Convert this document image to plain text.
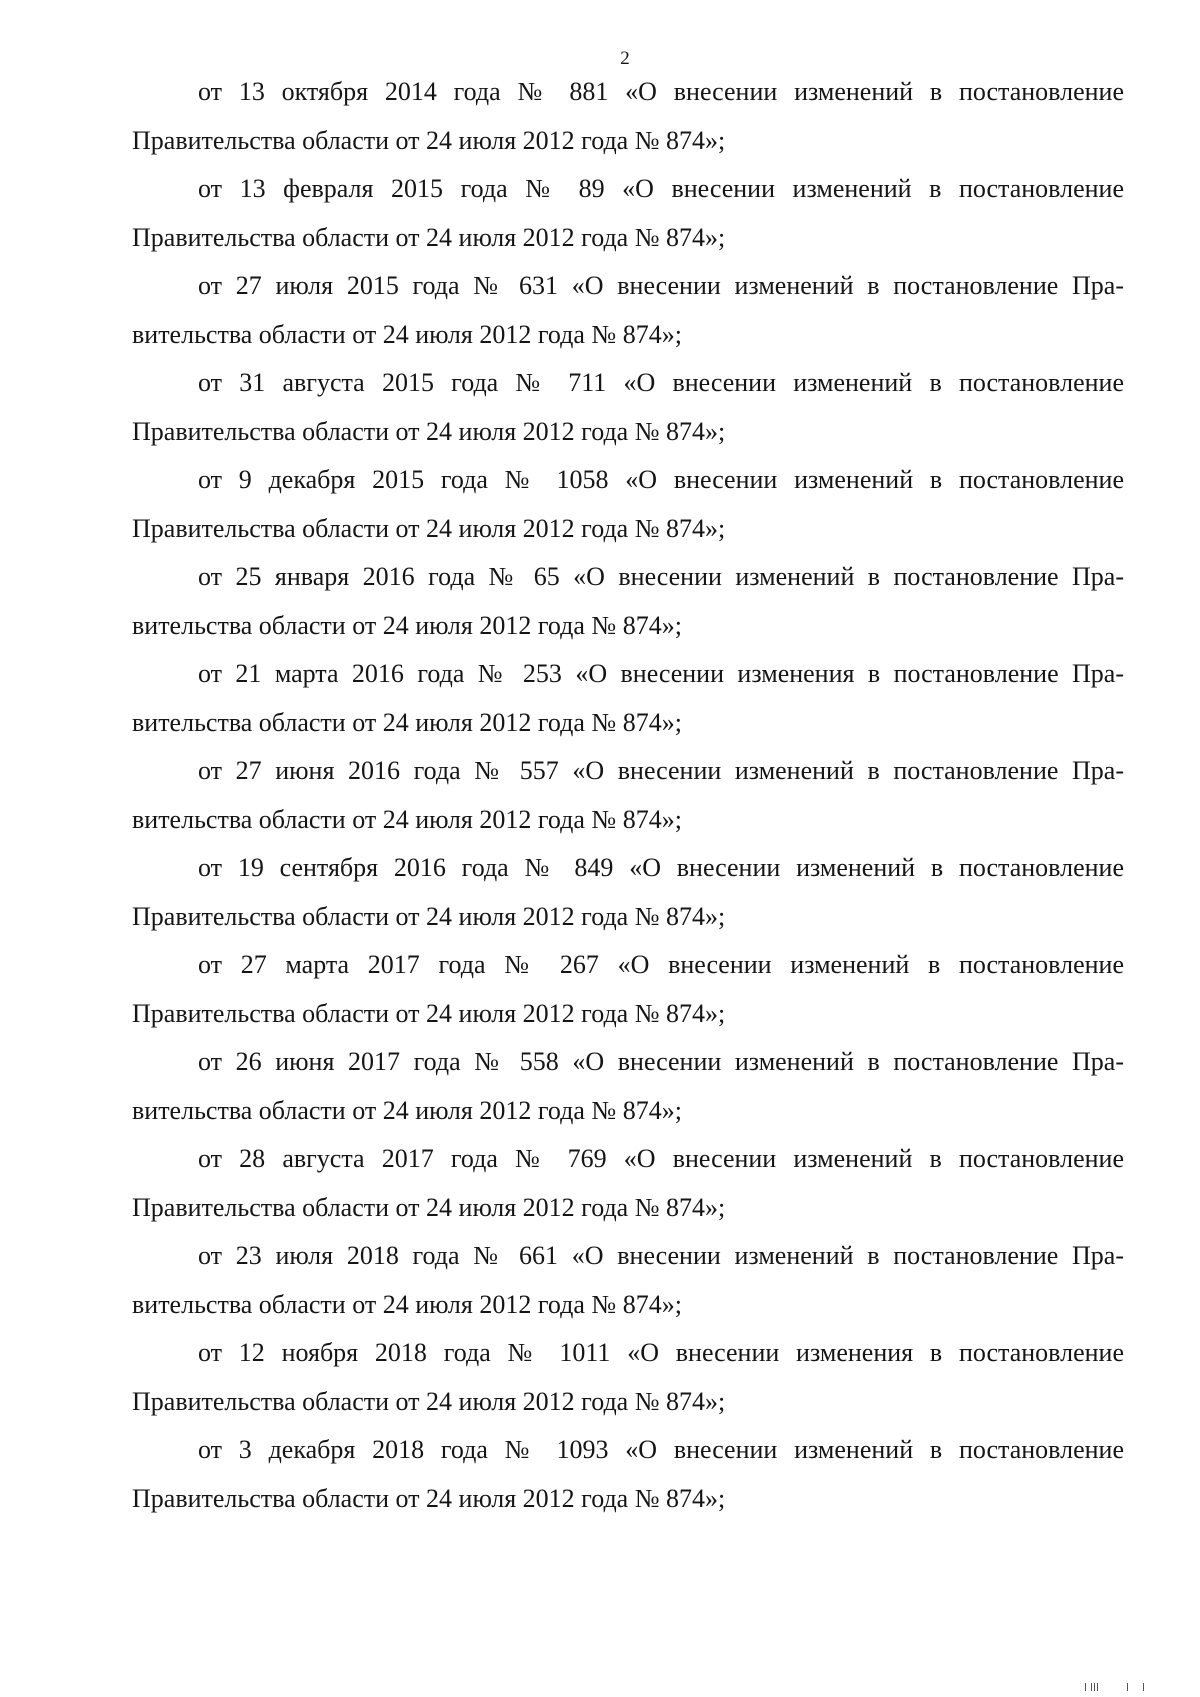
2
от 13 октября 2014 года № 881 «О внесении изменений в постановление
Правительства области от 24 июля 2012 года № 874»;
от 13 февраля 2015 года № 89 «О внесении изменений в постановление
Правительства области от 24 июля 2012 года № 874»;
от 27 июля 2015 года № 631 «О внесении изменений в постановление Пра-
вительства области от 24 июля 2012 года № 874»;
от 31 августа 2015 года № 711 «О внесении изменений в постановление
Правительства области от 24 июля 2012 года № 874»;
от 9 декабря 2015 года № 1058 «О внесении изменений в постановление
Правительства области от 24 июля 2012 года № 874»;
от 25 января 2016 года № 65 «О внесении изменений в постановление Пра-
вительства области от 24 июля 2012 года № 874»;
от 21 марта 2016 года № 253 «О внесении изменения в постановление Пра-
вительства области от 24 июля 2012 года № 874»;
от 27 июня 2016 года № 557 «О внесении изменений в постановление Пра-
вительства области от 24 июля 2012 года № 874»;
от 19 сентября 2016 года № 849 «О внесении изменений в постановление
Правительства области от 24 июля 2012 года № 874»;
от 27 марта 2017 года № 267 «О внесении изменений в постановление
Правительства области от 24 июля 2012 года № 874»;
от 26 июня 2017 года № 558 «О внесении изменений в постановление Пра-
вительства области от 24 июля 2012 года № 874»;
от 28 августа 2017 года № 769 «О внесении изменений в постановление
Правительства области от 24 июля 2012 года № 874»;
от 23 июля 2018 года № 661 «О внесении изменений в постановление Пра-
вительства области от 24 июля 2012 года № 874»;
от 12 ноября 2018 года № 1011 «О внесении изменения в постановление
Правительства области от 24 июля 2012 года № 874»;
от 3 декабря 2018 года № 1093 «О внесении изменений в постановление
Правительства области от 24 июля 2012 года № 874»;
